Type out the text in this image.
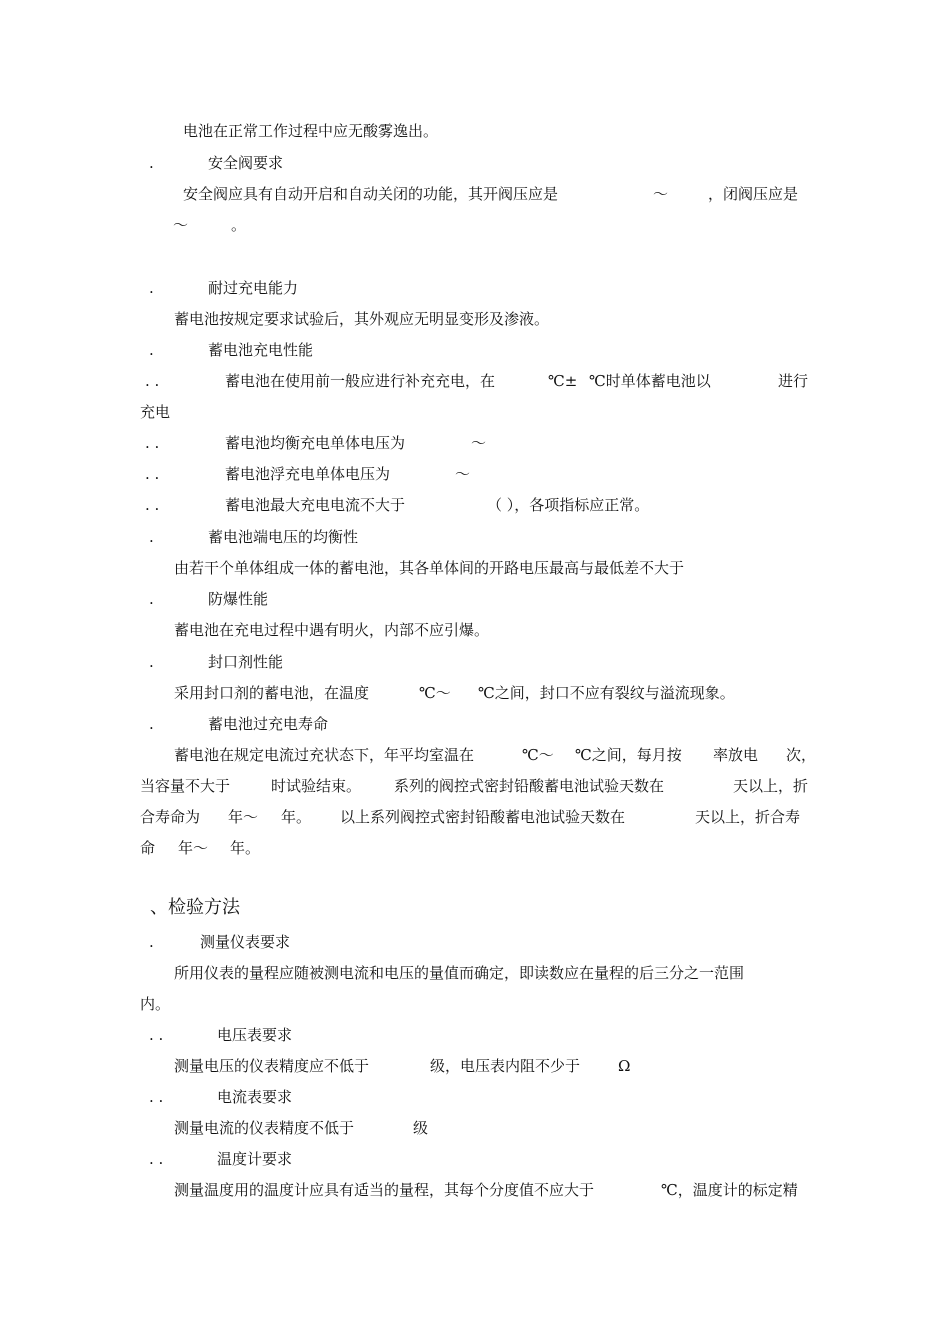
电池在正常工作过程中应无酸雾逸出。
.	安全阀要求
安全阀应具有自动开启和自动关闭的功能，其开阀压应是	～	，闭阀压应是
～	。
.	耐过充电能力
蓄电池按规定要求试验后，其外观应无明显变形及渗液。
.	蓄电池充电性能
. .	蓄电池在使用前一般应进行补充充电，在	℃± ℃时单体蓄电池以	进行
充电
. .	蓄电池均衡充电单体电压为	～
. .	蓄电池浮充电单体电压为	～
. .	蓄电池最大充电电流不大于	（ ），各项指标应正常。
.	蓄电池端电压的均衡性
由若干个单体组成一体的蓄电池，其各单体间的开路电压最高与最低差不大于
.	防爆性能
蓄电池在充电过程中遇有明火，内部不应引爆。
.	封口剂性能
采用封口剂的蓄电池，在温度	℃～ ℃之间，封口不应有裂纹与溢流现象。
.	蓄电池过充电寿命
蓄电池在规定电流过充状态下，年平均室温在	℃～ ℃之间，每月按 率放电 次，
当容量不大于	时试验结束。 系列的阀控式密封铅酸蓄电池试验天数在	天以上，折
合寿命为 年～ 年。 以上系列阀控式密封铅酸蓄电池试验天数在	天以上，折合寿
命 年～ 年。
、检验方法
.	测量仪表要求
所用仪表的量程应随被测电流和电压的量值而确定，即读数应在量程的后三分之一范围
内。
. .	电压表要求
测量电压的仪表精度应不低于	级，电压表内阻不少于	Ω
. .	电流表要求
测量电流的仪表精度不低于	级
. .	温度计要求
测量温度用的温度计应具有适当的量程，其每个分度值不应大于	℃，温度计的标定精
